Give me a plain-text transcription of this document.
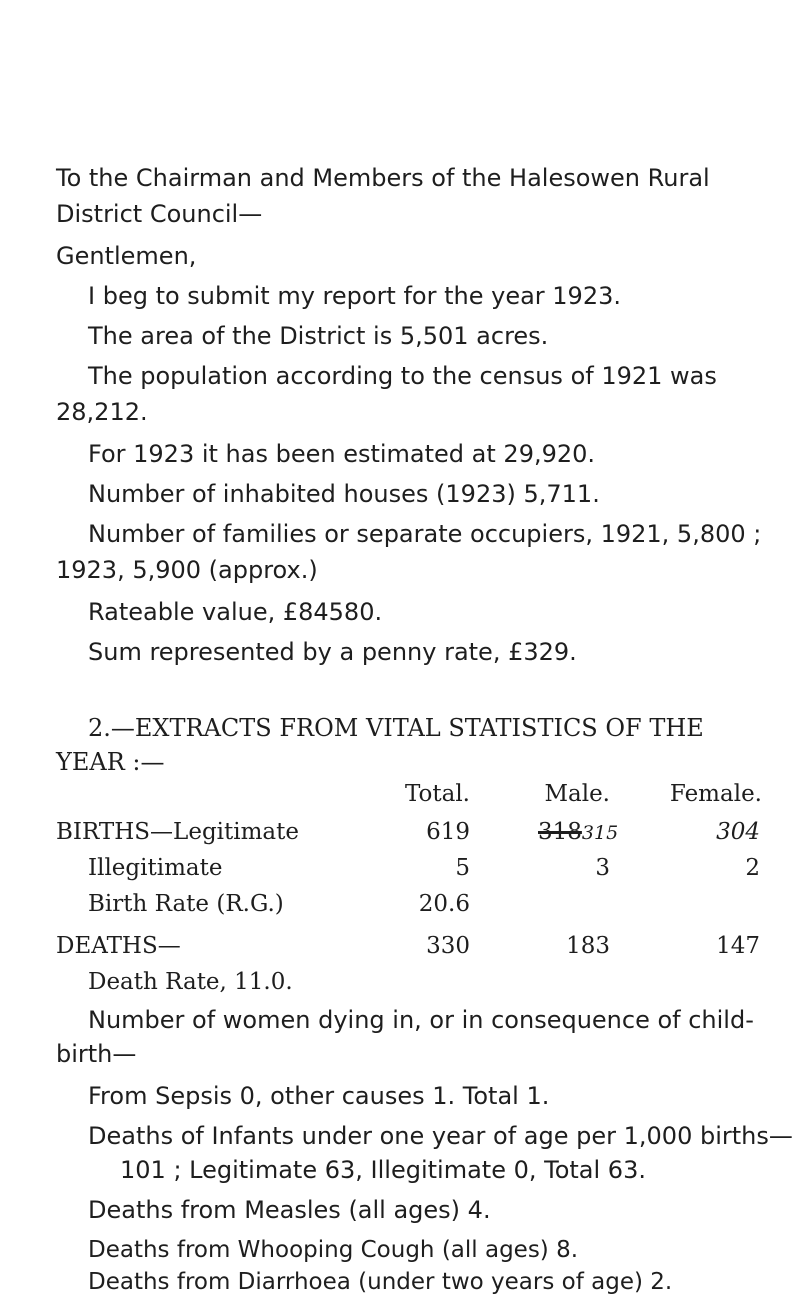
To the Chairman and Members of the Halesowen Rural
District Council—
Gentlemen,
I beg to submit my report for the year 1923.
The area of the District is 5,501 acres.
The population according to the census of 1921 was
28,212.
For 1923 it has been estimated at 29,920.
Number of inhabited houses (1923) 5,711.
Number of families or separate occupiers, 1921, 5,800 ;
1923, 5,900 (approx.)
Rateable value, £84580.
Sum represented by a penny rate, £329.
2.—EXTRACTS FROM VITAL STATISTICS OF THE
YEAR :—
Total.	Male.	Female.
BIRTHS—Legitimate	619	318315	304
Illegitimate	5	3	2
Birth Rate (R.G.)	20.6
DEATHS—	330	183	147
Death Rate, 11.0.
Number of women dying in, or in consequence of child-
birth—
From Sepsis 0, other causes 1. Total 1.
Deaths of Infants under one year of age per 1,000 births—
101 ; Legitimate 63, Illegitimate 0, Total 63.
Deaths from Measles (all ages) 4.
Deaths from Whooping Cough (all ages) 8.
Deaths from Diarrhoea (under two years of age) 2.
